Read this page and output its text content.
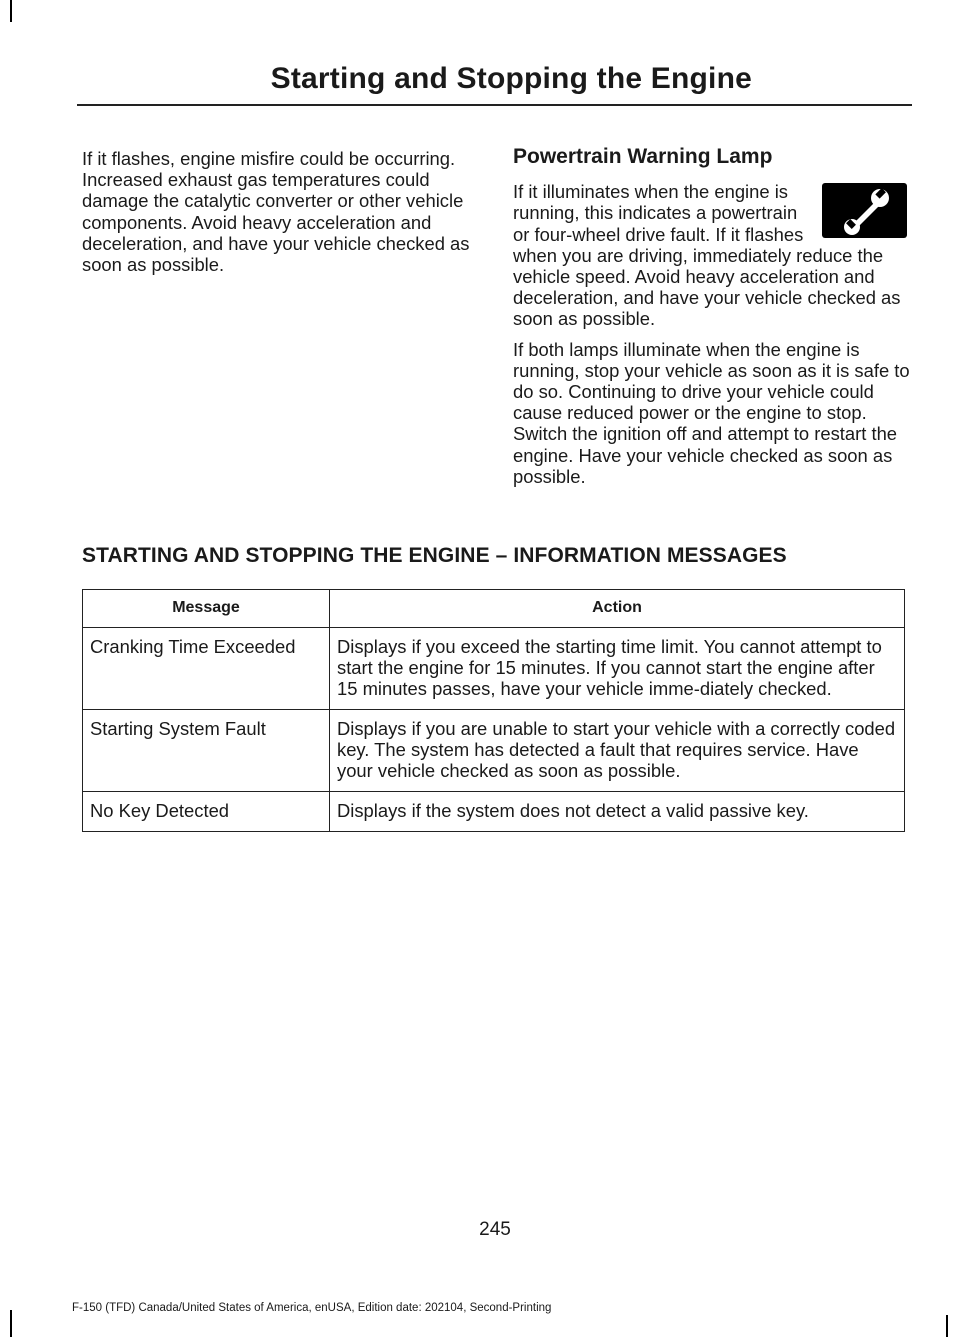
Starting and Stopping the Engine

If it flashes, engine misfire could be occurring. Increased exhaust gas temperatures could damage the catalytic converter or other vehicle components. Avoid heavy acceleration and deceleration, and have your vehicle checked as soon as possible.

Powertrain Warning Lamp

If it illuminates when the engine is running, this indicates a powertrain or four-wheel drive fault. If it flashes when you are driving, immediately reduce the vehicle speed. Avoid heavy acceleration and deceleration, and have your vehicle checked as soon as possible.

If both lamps illuminate when the engine is running, stop your vehicle as soon as it is safe to do so. Continuing to drive your vehicle could cause reduced power or the engine to stop. Switch the ignition off and attempt to restart the engine. Have your vehicle checked as soon as possible.

STARTING AND STOPPING THE ENGINE – INFORMATION MESSAGES
Message	Action
Cranking Time Exceeded	Displays if you exceed the starting time limit. You cannot attempt to start the engine for 15 minutes. If you cannot start the engine after 15 minutes passes, have your vehicle imme-diately checked.
Starting System Fault	Displays if you are unable to start your vehicle with a correctly coded key. The system has detected a fault that requires service. Have your vehicle checked as soon as possible.
No Key Detected	Displays if the system does not detect a valid passive key.

245

F-150 (TFD) Canada/United States of America, enUSA, Edition date: 202104, Second-Printing
